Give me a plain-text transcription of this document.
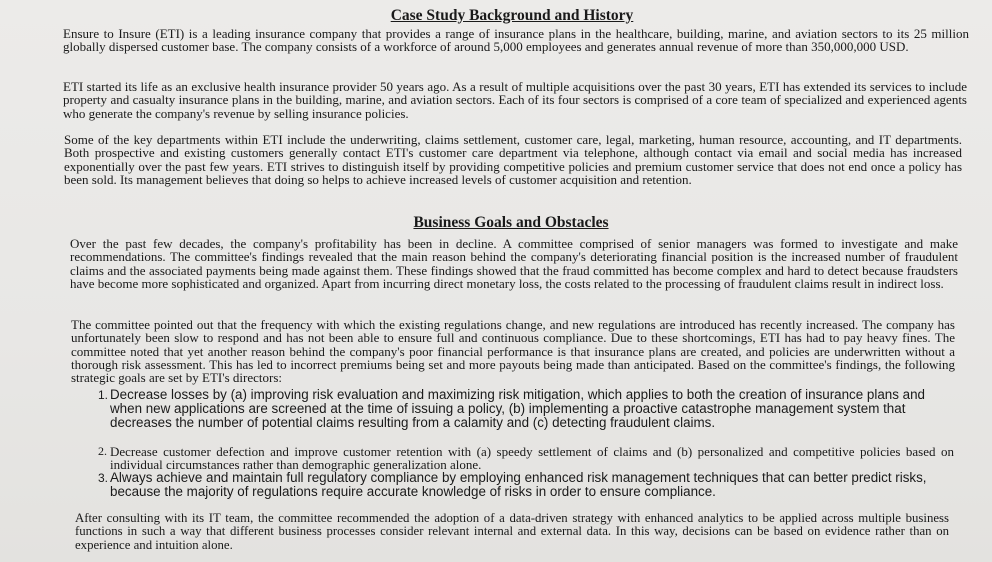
Case Study Background and History

Ensure to Insure (ETI) is a leading insurance company that provides a range of insurance plans in the healthcare, building, marine, and aviation sectors to its 25 million globally dispersed customer base. The company consists of a workforce of around 5,000 employees and generates annual revenue of more than 350,000,000 USD.

ETI started its life as an exclusive health insurance provider 50 years ago. As a result of multiple acquisitions over the past 30 years, ETI has extended its services to include property and casualty insurance plans in the building, marine, and aviation sectors. Each of its four sectors is comprised of a core team of specialized and experienced agents who generate the company's revenue by selling insurance policies.

Some of the key departments within ETI include the underwriting, claims settlement, customer care, legal, marketing, human resource, accounting, and IT departments. Both prospective and existing customers generally contact ETI's customer care department via telephone, although contact via email and social media has increased exponentially over the past few years. ETI strives to distinguish itself by providing competitive policies and premium customer service that does not end once a policy has been sold. Its management believes that doing so helps to achieve increased levels of customer acquisition and retention.

Business Goals and Obstacles

Over the past few decades, the company's profitability has been in decline. A committee comprised of senior managers was formed to investigate and make recommendations. The committee's findings revealed that the main reason behind the company's deteriorating financial position is the increased number of fraudulent claims and the associated payments being made against them. These findings showed that the fraud committed has become complex and hard to detect because fraudsters have become more sophisticated and organized. Apart from incurring direct monetary loss, the costs related to the processing of fraudulent claims result in indirect loss.

The committee pointed out that the frequency with which the existing regulations change, and new regulations are introduced has recently increased. The company has unfortunately been slow to respond and has not been able to ensure full and continuous compliance. Due to these shortcomings, ETI has had to pay heavy fines. The committee noted that yet another reason behind the company's poor financial performance is that insurance plans are created, and policies are underwritten without a thorough risk assessment. This has led to incorrect premiums being set and more payouts being made than anticipated. Based on the committee's findings, the following strategic goals are set by ETI's directors:

1. Decrease losses by (a) improving risk evaluation and maximizing risk mitigation, which applies to both the creation of insurance plans and when new applications are screened at the time of issuing a policy, (b) implementing a proactive catastrophe management system that decreases the number of potential claims resulting from a calamity and (c) detecting fraudulent claims.
2. Decrease customer defection and improve customer retention with (a) speedy settlement of claims and (b) personalized and competitive policies based on individual circumstances rather than demographic generalization alone.
3. Always achieve and maintain full regulatory compliance by employing enhanced risk management techniques that can better predict risks, because the majority of regulations require accurate knowledge of risks in order to ensure compliance.

After consulting with its IT team, the committee recommended the adoption of a data-driven strategy with enhanced analytics to be applied across multiple business functions in such a way that different business processes consider relevant internal and external data. In this way, decisions can be based on evidence rather than on experience and intuition alone.
